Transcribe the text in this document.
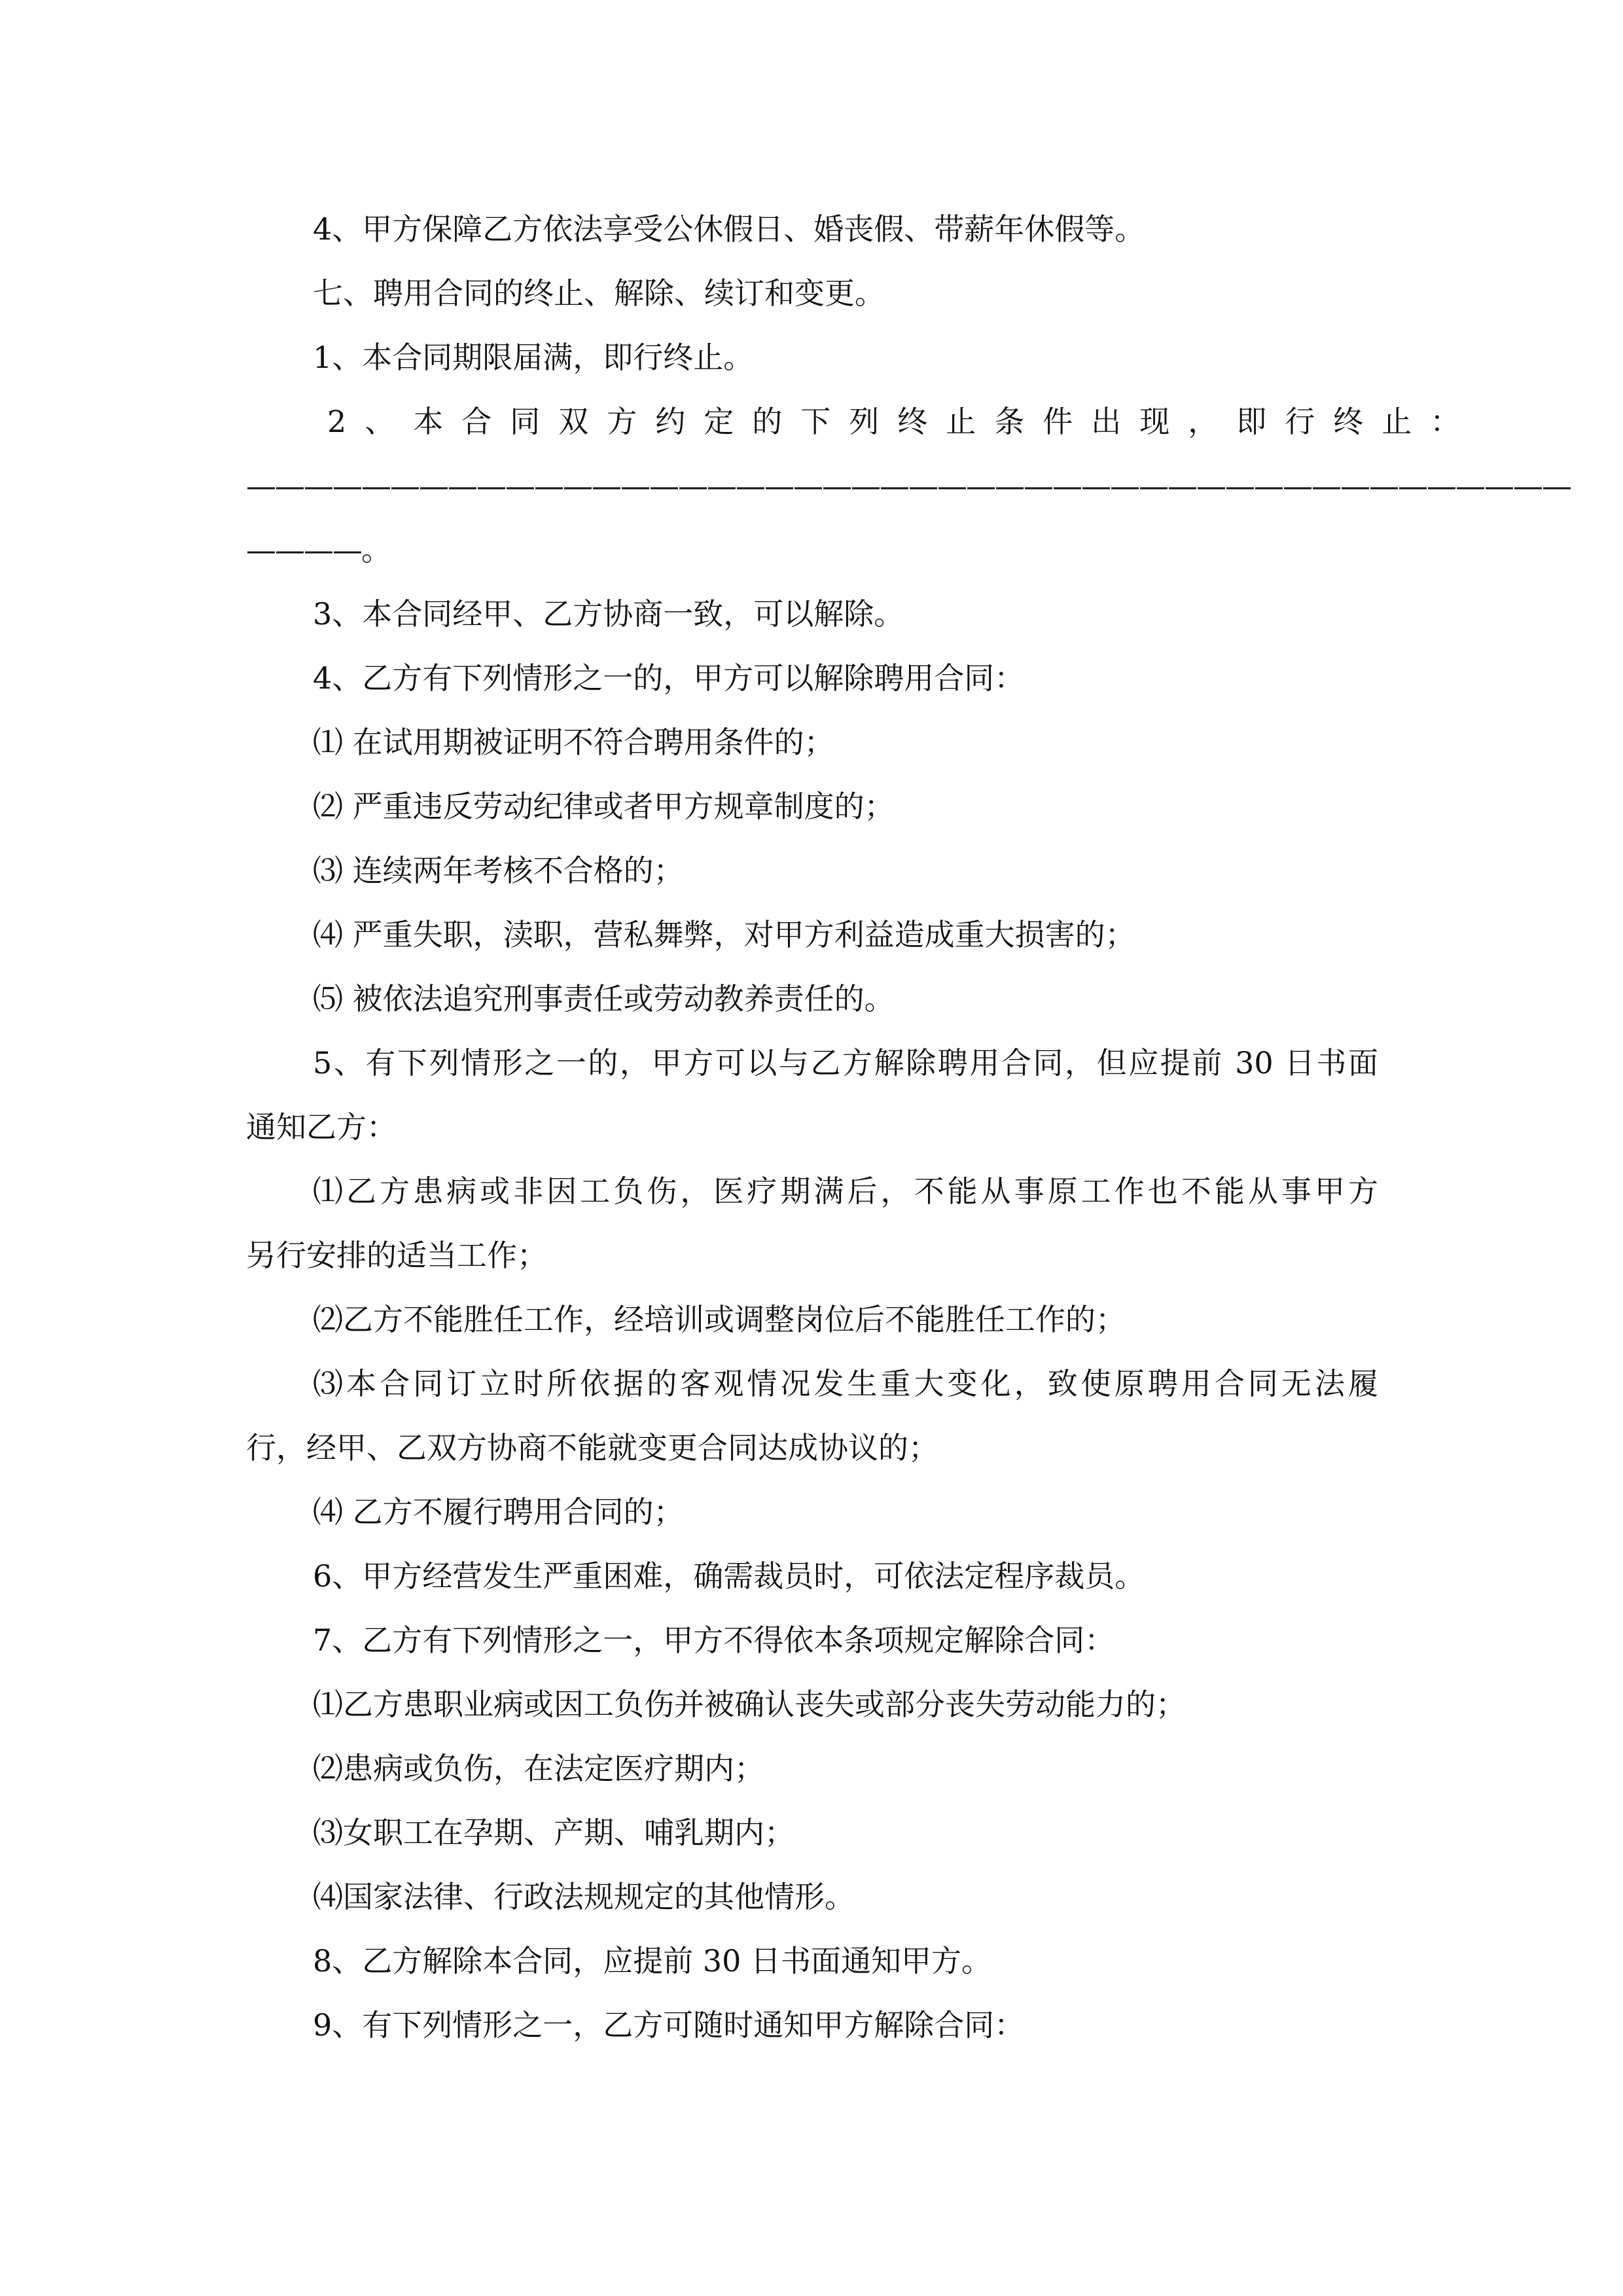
4、甲方保障乙方依法享受公休假日、婚丧假、带薪年休假等。
七、聘用合同的终止、解除、续订和变更。
1、本合同期限届满，即行终止。
2、本合同双方约定的下列终止条件出现，即行终止：
——————————————————————————————————————————————
————。
3、本合同经甲、乙方协商一致，可以解除。
4、乙方有下列情形之一的，甲方可以解除聘用合同：
⑴ 在试用期被证明不符合聘用条件的；
⑵ 严重违反劳动纪律或者甲方规章制度的；
⑶ 连续两年考核不合格的；
⑷ 严重失职，渎职，营私舞弊，对甲方利益造成重大损害的；
⑸ 被依法追究刑事责任或劳动教养责任的。
5、有下列情形之一的，甲方可以与乙方解除聘用合同，但应提前 30 日书面
通知乙方：
⑴乙方患病或非因工负伤，医疗期满后，不能从事原工作也不能从事甲方
另行安排的适当工作；
⑵乙方不能胜任工作，经培训或调整岗位后不能胜任工作的；
⑶本合同订立时所依据的客观情况发生重大变化，致使原聘用合同无法履
行，经甲、乙双方协商不能就变更合同达成协议的；
⑷ 乙方不履行聘用合同的；
6、甲方经营发生严重困难，确需裁员时，可依法定程序裁员。
7、乙方有下列情形之一，甲方不得依本条项规定解除合同：
⑴乙方患职业病或因工负伤并被确认丧失或部分丧失劳动能力的；
⑵患病或负伤，在法定医疗期内；
⑶女职工在孕期、产期、哺乳期内；
⑷国家法律、行政法规规定的其他情形。
8、乙方解除本合同，应提前 30 日书面通知甲方。
9、有下列情形之一，乙方可随时通知甲方解除合同：
